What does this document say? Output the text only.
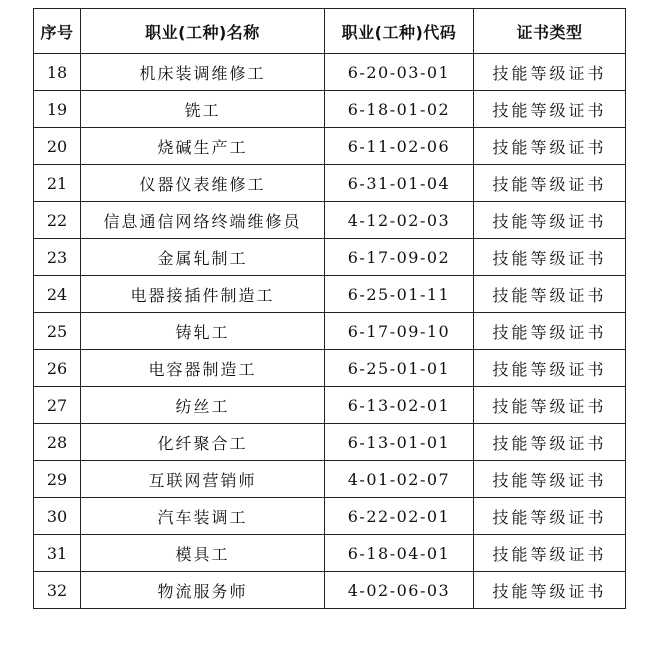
序号	职业(工种)名称	职业(工种)代码	证书类型
18	机床装调维修工	6-20-03-01	技能等级证书
19	铣工	6-18-01-02	技能等级证书
20	烧碱生产工	6-11-02-06	技能等级证书
21	仪器仪表维修工	6-31-01-04	技能等级证书
22	信息通信网络终端维修员	4-12-02-03	技能等级证书
23	金属轧制工	6-17-09-02	技能等级证书
24	电器接插件制造工	6-25-01-11	技能等级证书
25	铸轧工	6-17-09-10	技能等级证书
26	电容器制造工	6-25-01-01	技能等级证书
27	纺丝工	6-13-02-01	技能等级证书
28	化纤聚合工	6-13-01-01	技能等级证书
29	互联网营销师	4-01-02-07	技能等级证书
30	汽车装调工	6-22-02-01	技能等级证书
31	模具工	6-18-04-01	技能等级证书
32	物流服务师	4-02-06-03	技能等级证书
